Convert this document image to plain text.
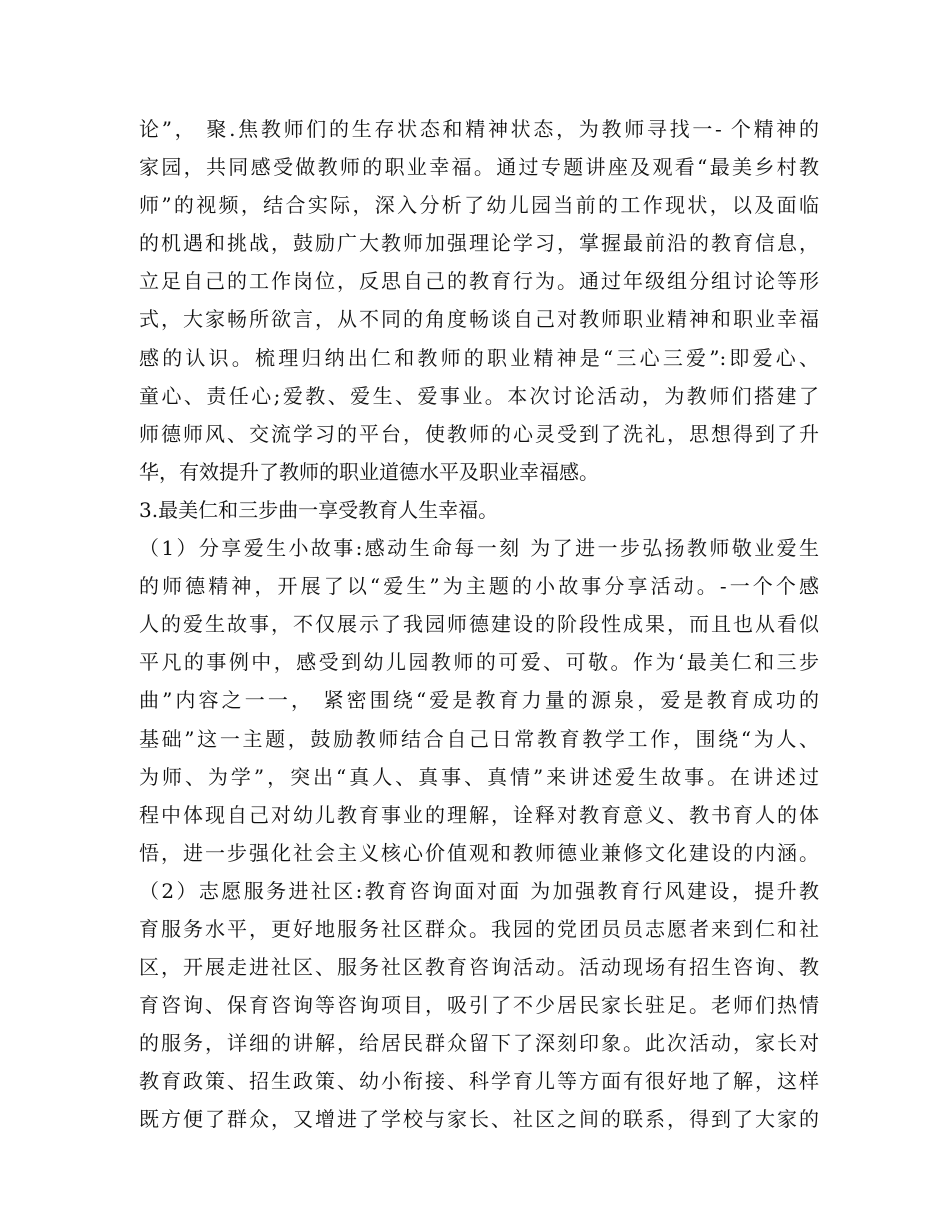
论”， 聚.焦教师们的生存状态和精神状态，为教师寻找一- 个精神的
家园，共同感受做教师的职业幸福。通过专题讲座及观看“最美乡村教
师”的视频，结合实际，深入分析了幼儿园当前的工作现状，以及面临
的机遇和挑战，鼓励广大教师加强理论学习，掌握最前沿的教育信息，
立足自己的工作岗位，反思自己的教育行为。通过年级组分组讨论等形
式，大家畅所欲言，从不同的角度畅谈自己对教师职业精神和职业幸福
感的认识。梳理归纳出仁和教师的职业精神是“三心三爱”:即爱心、
童心、责任心;爱教、爱生、爱事业。本次讨论活动，为教师们搭建了
师德师风、交流学习的平台，使教师的心灵受到了洗礼，思想得到了升
华，有效提升了教师的职业道德水平及职业幸福感。
3.最美仁和三步曲一享受教育人生幸福。
（1）分享爱生小故事:感动生命每一刻 为了进一步弘扬教师敬业爱生
的师德精神，开展了以“爱生”为主题的小故事分享活动。-一个个感
人的爱生故事，不仅展示了我园师德建设的阶段性成果，而且也从看似
平凡的事例中，感受到幼儿园教师的可爱、可敬。作为‘最美仁和三步
曲”内容之一一， 紧密围绕“爱是教育力量的源泉，爱是教育成功的
基础”这一主题，鼓励教师结合自己日常教育教学工作，围绕“为人、
为师、为学”，突出“真人、真事、真情”来讲述爱生故事。在讲述过
程中体现自己对幼儿教育事业的理解，诠释对教育意义、教书育人的体
悟，进一步强化社会主义核心价值观和教师德业兼修文化建设的内涵。
（2）志愿服务进社区:教育咨询面对面 为加强教育行风建设，提升教
育服务水平，更好地服务社区群众。我园的党团员员志愿者来到仁和社
区，开展走进社区、服务社区教育咨询活动。活动现场有招生咨询、教
育咨询、保育咨询等咨询项目，吸引了不少居民家长驻足。老师们热情
的服务，详细的讲解，给居民群众留下了深刻印象。此次活动，家长对
教育政策、招生政策、幼小衔接、科学育儿等方面有很好地了解，这样
既方便了群众，又增进了学校与家长、社区之间的联系，得到了大家的
